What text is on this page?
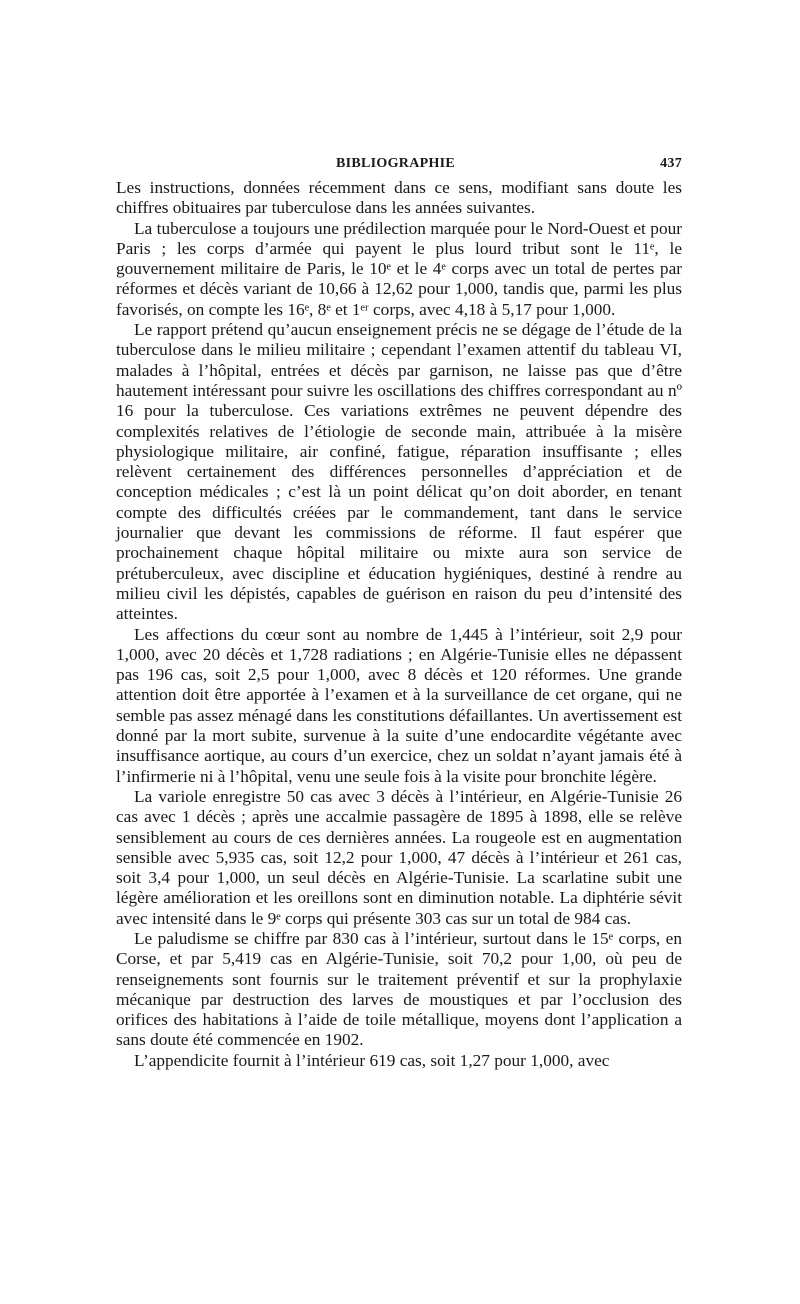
BIBLIOGRAPHIE	437

Les instructions, données récemment dans ce sens, modifiant sans doute les chiffres obituaires par tuberculose dans les années suivantes.

La tuberculose a toujours une prédilection marquée pour le Nord-Ouest et pour Paris ; les corps d’armée qui payent le plus lourd tribut sont le 11ᵉ, le gouvernement militaire de Paris, le 10ᵉ et le 4ᵉ corps avec un total de pertes par réformes et décès variant de 10,66 à 12,62 pour 1,000, tandis que, parmi les plus favorisés, on compte les 16ᵉ, 8ᵉ et 1ᵉʳ corps, avec 4,18 à 5,17 pour 1,000.

Le rapport prétend qu’aucun enseignement précis ne se dégage de l’étude de la tuberculose dans le milieu militaire ; cependant l’examen attentif du tableau VI, malades à l’hôpital, entrées et décès par garnison, ne laisse pas que d’être hautement intéressant pour suivre les oscillations des chiffres correspondant au nº 16 pour la tuberculose. Ces variations extrêmes ne peuvent dépendre des complexités relatives de l’étiologie de seconde main, attribuée à la misère physiologique militaire, air confiné, fatigue, réparation insuffisante ; elles relèvent certainement des différences personnelles d’appréciation et de conception médicales ; c’est là un point délicat qu’on doit aborder, en tenant compte des difficultés créées par le commandement, tant dans le service journalier que devant les commissions de réforme. Il faut espérer que prochainement chaque hôpital militaire ou mixte aura son service de prétuberculeux, avec discipline et éducation hygiéniques, destiné à rendre au milieu civil les dépistés, capables de guérison en raison du peu d’intensité des atteintes.

Les affections du cœur sont au nombre de 1,445 à l’intérieur, soit 2,9 pour 1,000, avec 20 décès et 1,728 radiations ; en Algérie-Tunisie elles ne dépassent pas 196 cas, soit 2,5 pour 1,000, avec 8 décès et 120 réformes. Une grande attention doit être apportée à l’examen et à la surveillance de cet organe, qui ne semble pas assez ménagé dans les constitutions défaillantes. Un avertissement est donné par la mort subite, survenue à la suite d’une endocardite végétante avec insuffisance aortique, au cours d’un exercice, chez un soldat n’ayant jamais été à l’infirmerie ni à l’hôpital, venu une seule fois à la visite pour bronchite légère.

La variole enregistre 50 cas avec 3 décès à l’intérieur, en Algérie-Tunisie 26 cas avec 1 décès ; après une accalmie passagère de 1895 à 1898, elle se relève sensiblement au cours de ces dernières années. La rougeole est en augmentation sensible avec 5,935 cas, soit 12,2 pour 1,000, 47 décès à l’intérieur et 261 cas, soit 3,4 pour 1,000, un seul décès en Algérie-Tunisie. La scarlatine subit une légère amélioration et les oreillons sont en diminution notable. La diphtérie sévit avec intensité dans le 9ᵉ corps qui présente 303 cas sur un total de 984 cas.

Le paludisme se chiffre par 830 cas à l’intérieur, surtout dans le 15ᵉ corps, en Corse, et par 5,419 cas en Algérie-Tunisie, soit 70,2 pour 1,00, où peu de renseignements sont fournis sur le traitement préventif et sur la prophylaxie mécanique par destruction des larves de moustiques et par l’occlusion des orifices des habitations à l’aide de toile métallique, moyens dont l’application a sans doute été commencée en 1902.

L’appendicite fournit à l’intérieur 619 cas, soit 1,27 pour 1,000, avec
